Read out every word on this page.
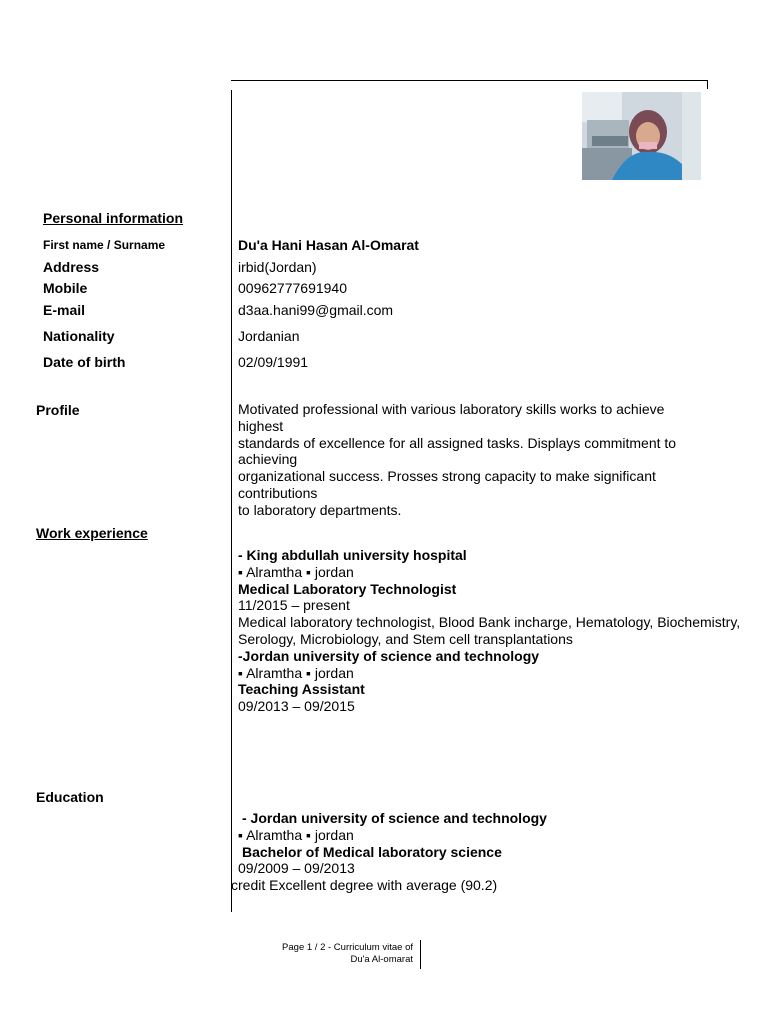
Personal information
First name / Surname	Du'a Hani Hasan Al-Omarat
Address	irbid(Jordan)
Mobile	00962777691940
E-mail	d3aa.hani99@gmail.com
Nationality	Jordanian
Date of birth	02/09/1991
Profile	Motivated professional with various laboratory skills works to achieve highest
standards of excellence for all assigned tasks. Displays commitment to achieving
organizational success. Prosses strong capacity to make significant contributions
to laboratory departments.
Work experience
- King abdullah university hospital
▪ Alramtha ▪ jordan
Medical Laboratory Technologist
11/2015 – present
Medical laboratory technologist, Blood Bank incharge, Hematology, Biochemistry,
Serology, Microbiology, and Stem cell transplantations
-Jordan university of science and technology
▪ Alramtha ▪ jordan
Teaching Assistant
09/2013 – 09/2015
Education
- Jordan university of science and technology
▪ Alramtha ▪ jordan
Bachelor of Medical laboratory science
09/2009 – 09/2013
credit Excellent degree with average (90.2)
Page 1 / 2 - Curriculum vitae of
Du'a Al-omarat
